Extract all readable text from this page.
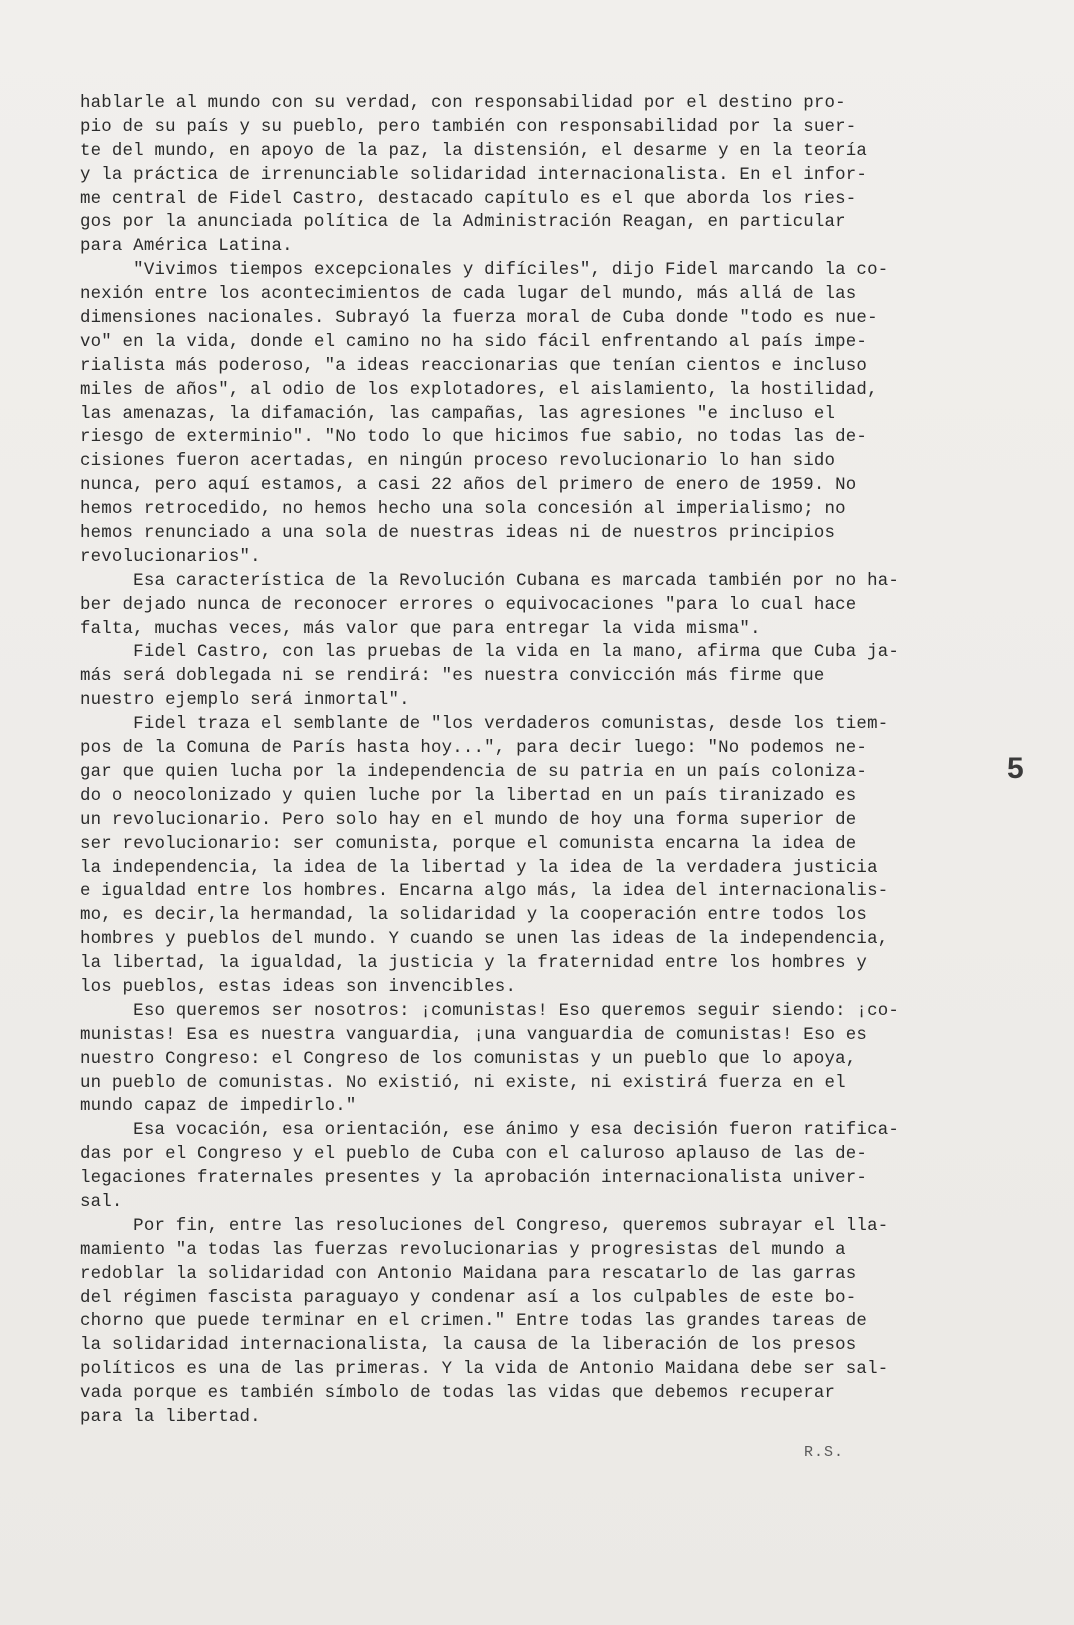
hablarle al mundo con su verdad, con responsabilidad por el destino pro-
pio de su país y su pueblo, pero también con responsabilidad por la suer-
te del mundo, en apoyo de la paz, la distensión, el desarme y en la teoría
y la práctica de irrenunciable solidaridad internacionalista. En el infor-
me central de Fidel Castro, destacado capítulo es el que aborda los ries-
gos por la anunciada política de la Administración Reagan, en particular
para América Latina.
"Vivimos tiempos excepcionales y difíciles", dijo Fidel marcando la co-
nexión entre los acontecimientos de cada lugar del mundo, más allá de las
dimensiones nacionales. Subrayó la fuerza moral de Cuba donde "todo es nue-
vo" en la vida, donde el camino no ha sido fácil enfrentando al país impe-
rialista más poderoso, "a ideas reaccionarias que tenían cientos e incluso
miles de años", al odio de los explotadores, el aislamiento, la hostilidad,
las amenazas, la difamación, las campañas, las agresiones "e incluso el
riesgo de exterminio". "No todo lo que hicimos fue sabio, no todas las de-
cisiones fueron acertadas, en ningún proceso revolucionario lo han sido
nunca, pero aquí estamos, a casi 22 años del primero de enero de 1959. No
hemos retrocedido, no hemos hecho una sola concesión al imperialismo; no
hemos renunciado a una sola de nuestras ideas ni de nuestros principios
revolucionarios".
Esa característica de la Revolución Cubana es marcada también por no ha-
ber dejado nunca de reconocer errores o equivocaciones "para lo cual hace
falta, muchas veces, más valor que para entregar la vida misma".
Fidel Castro, con las pruebas de la vida en la mano, afirma que Cuba ja-
más será doblegada ni se rendirá: "es nuestra convicción más firme que
nuestro ejemplo será inmortal".
Fidel traza el semblante de "los verdaderos comunistas, desde los tiem-
pos de la Comuna de París hasta hoy...", para decir luego: "No podemos ne-
gar que quien lucha por la independencia de su patria en un país coloniza-
do o neocolonizado y quien luche por la libertad en un país tiranizado es
un revolucionario. Pero solo hay en el mundo de hoy una forma superior de
ser revolucionario: ser comunista, porque el comunista encarna la idea de
la independencia, la idea de la libertad y la idea de la verdadera justicia
e igualdad entre los hombres. Encarna algo más, la idea del internacionalis-
mo, es decir,la hermandad, la solidaridad y la cooperación entre todos los
hombres y pueblos del mundo. Y cuando se unen las ideas de la independencia,
la libertad, la igualdad, la justicia y la fraternidad entre los hombres y
los pueblos, estas ideas son invencibles.
Eso queremos ser nosotros: ¡comunistas! Eso queremos seguir siendo: ¡co-
munistas! Esa es nuestra vanguardia, ¡una vanguardia de comunistas! Eso es
nuestro Congreso: el Congreso de los comunistas y un pueblo que lo apoya,
un pueblo de comunistas. No existió, ni existe, ni existirá fuerza en el
mundo capaz de impedirlo."
Esa vocación, esa orientación, ese ánimo y esa decisión fueron ratifica-
das por el Congreso y el pueblo de Cuba con el caluroso aplauso de las de-
legaciones fraternales presentes y la aprobación internacionalista univer-
sal.
Por fin, entre las resoluciones del Congreso, queremos subrayar el lla-
mamiento "a todas las fuerzas revolucionarias y progresistas del mundo a
redoblar la solidaridad con Antonio Maidana para rescatarlo de las garras
del régimen fascista paraguayo y condenar así a los culpables de este bo-
chorno que puede terminar en el crimen." Entre todas las grandes tareas de
la solidaridad internacionalista, la causa de la liberación de los presos
políticos es una de las primeras. Y la vida de Antonio Maidana debe ser sal-
vada porque es también símbolo de todas las vidas que debemos recuperar
para la libertad.
5
R.S.
